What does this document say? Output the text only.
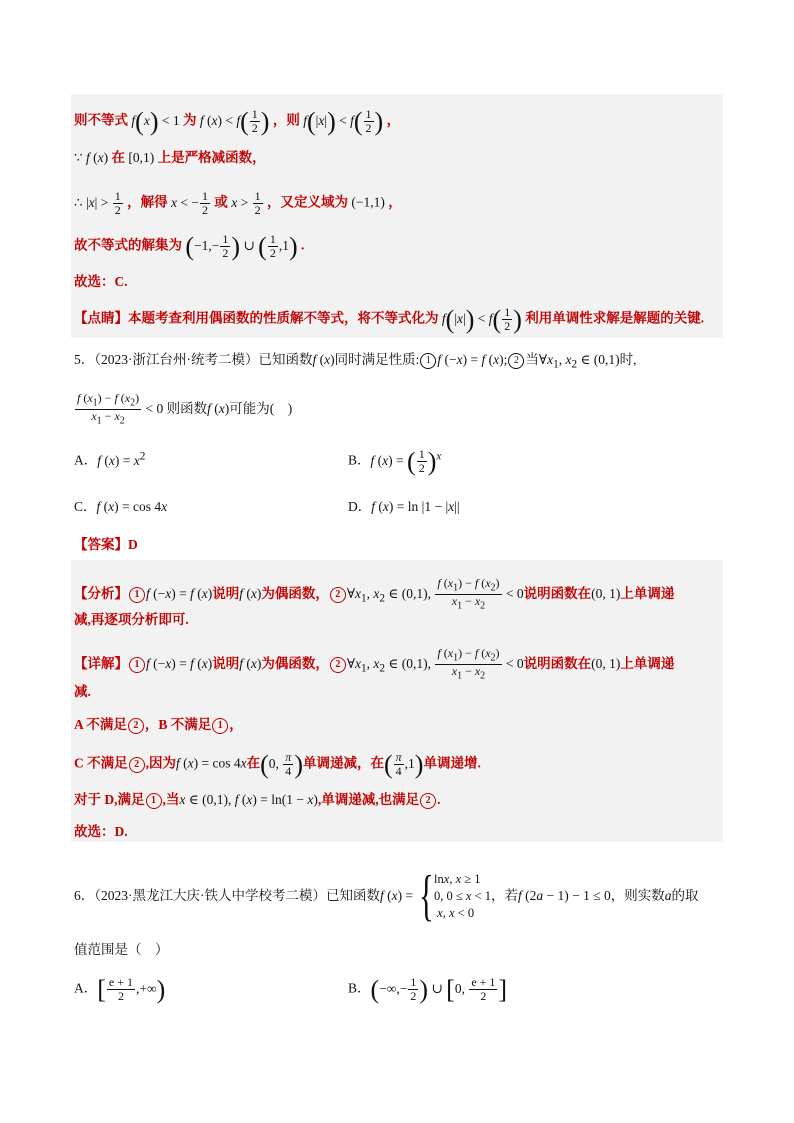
则不等式 f(x) < 1 为 f $(x) < f( \frac{1}{2}$ ) ，则 $f(|x|) < f( \frac{1}{2}$ ) ，
∵ f (x) 在 [0,1) 上是严格减函数，
∴ $|x| > \frac{1}{2}$ ，解得 x < − $\frac{1}{2}$ 或 $x > \frac{1}{2}$ ，又定义域为 (−1,1) ，
故不等式的解集为 ($-1,- \frac{1}{2}$ ) ∪ ( $\frac{1}{2} ,1$) .
故选：C.
【点睛】本题考查利用偶函数的性质解不等式，将不等式化为 $f(|x|) < f( \frac{1}{2}$ ) 利用单调性求解是解题的关键.
5．（2023·浙江台州·统考二模）已知函数f (x)同时满足性质: 1 f (−x) = f (x); 2 当$\forall x_1$, $x_2$ ∈ (0,1)时,
$\frac{f (x_1) - f (x_2)}{x_1 - x_2} < 0$ 则函数f (x)可能为(　)
A．f $(x) = x^2$	B．f (x) = ( $\frac{1}{2} )^x$
C．f (x) = cos 4x	D．f (x) = ln |1 − |x||
【答案】D
【分析】 1 f (−x) = f (x)说明f (x)为偶函数， 2 $\forall x_1$, $x_2$ ∈ (0,1), $\frac{f (x_1) - f (x_2)}{x_1 - x_2} < 0$说明函数在(0, 1)上单调递
减,再逐项分析即可.
【详解】 1 f (−x) = f (x)说明f (x)为偶函数， 2 $\forall x_1$, $x_2$ ∈ (0,1), $\frac{f (x_1) - f (x_2)}{x_1 - x_2} < 0$说明函数在(0, 1)上单调递
减.
A 不满足 2 ，B 不满足 1 ，
C 不满足 2 ,因为f (x) = cos 4x在(0, $\frac{\pi}{4}$ )单调递减，在( $\frac{\pi}{4} ,1$)单调递增.
对于 D,满足 1 ,当x ∈ (0,1), f (x) = ln(1 − x),单调递减,也满足 2 .
故选：D.
6．（2023·黑龙江大庆·铁人中学校考二模）已知函数f (x) = { lnx, x ≥ 1
0, 0 ≤ x < 1
x, x < 0
，若f (2a − 1) − 1 ≤ 0，则实数a的取
值范围是（　）
A．[ $\frac{e + 1}{2}$ ,+∞)	B．(−∞,− $\frac{1}{2}$ ) ∪ [0, $\frac{e + 1}{2}$ ]
